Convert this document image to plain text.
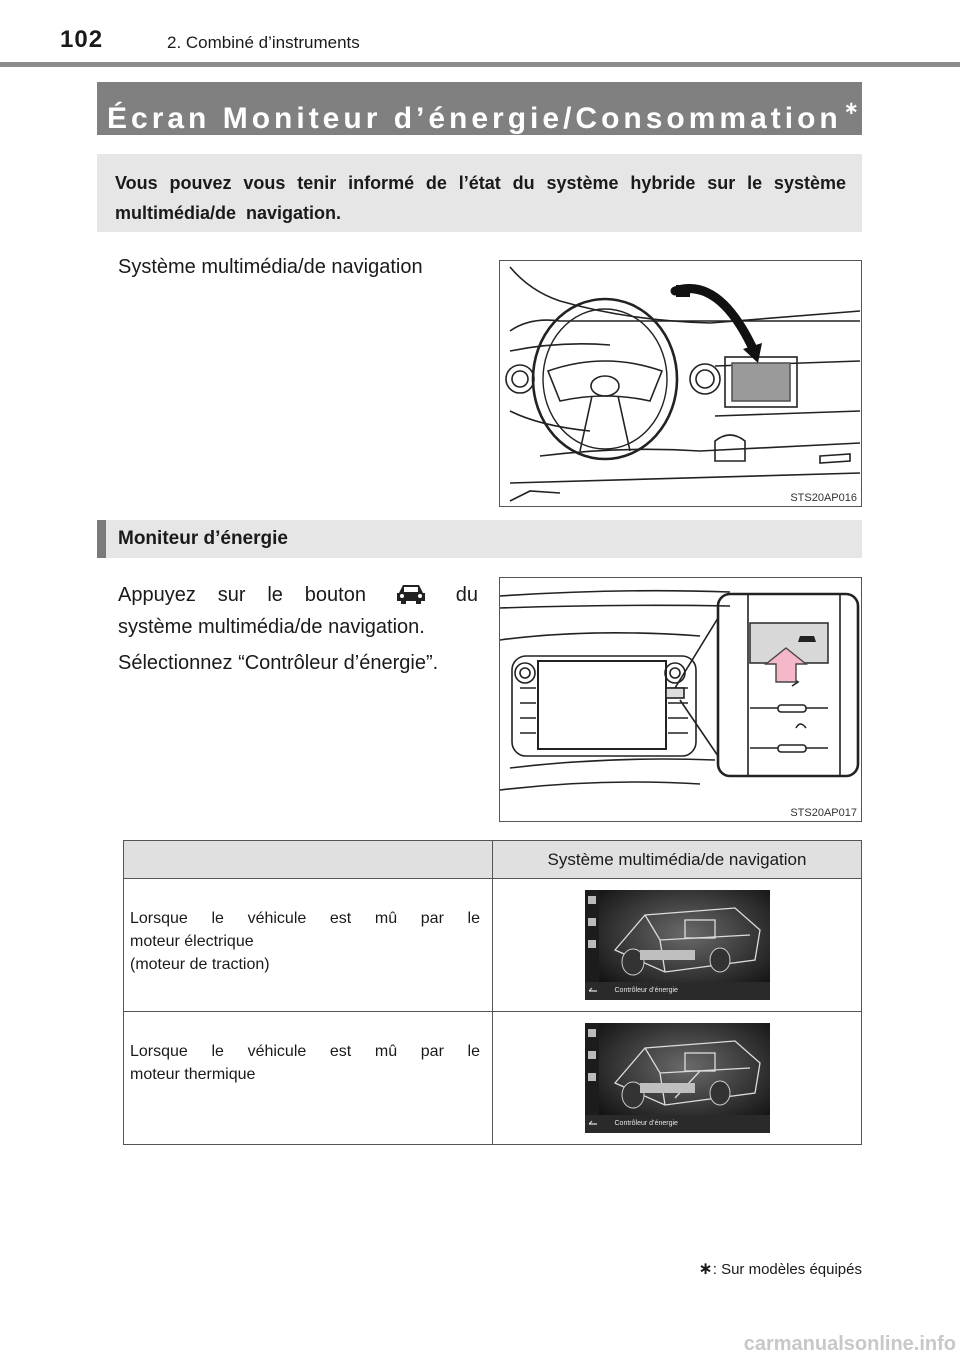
102	2. Combiné d’instruments
Écran Moniteur d’énergie/Consommation ∗
Vous pouvez vous tenir informé de l’état du système hybride sur le système multimédia/de navigation.
Système multimédia/de navigation
STS20AP016
Moniteur d’énergie
Appuyez sur le bouton	du
système multimédia/de navigation.
Sélectionnez “Contrôleur d’énergie”.
STS20AP017
	Système multimédia/de navigation

Lorsque le véhicule est mû par le
moteur électrique
(moteur de traction)	Contrôleur d’énergie

Lorsque le véhicule est mû par le
moteur thermique	Contrôleur d’énergie
∗: Sur modèles équipés
carmanualsonline.info
